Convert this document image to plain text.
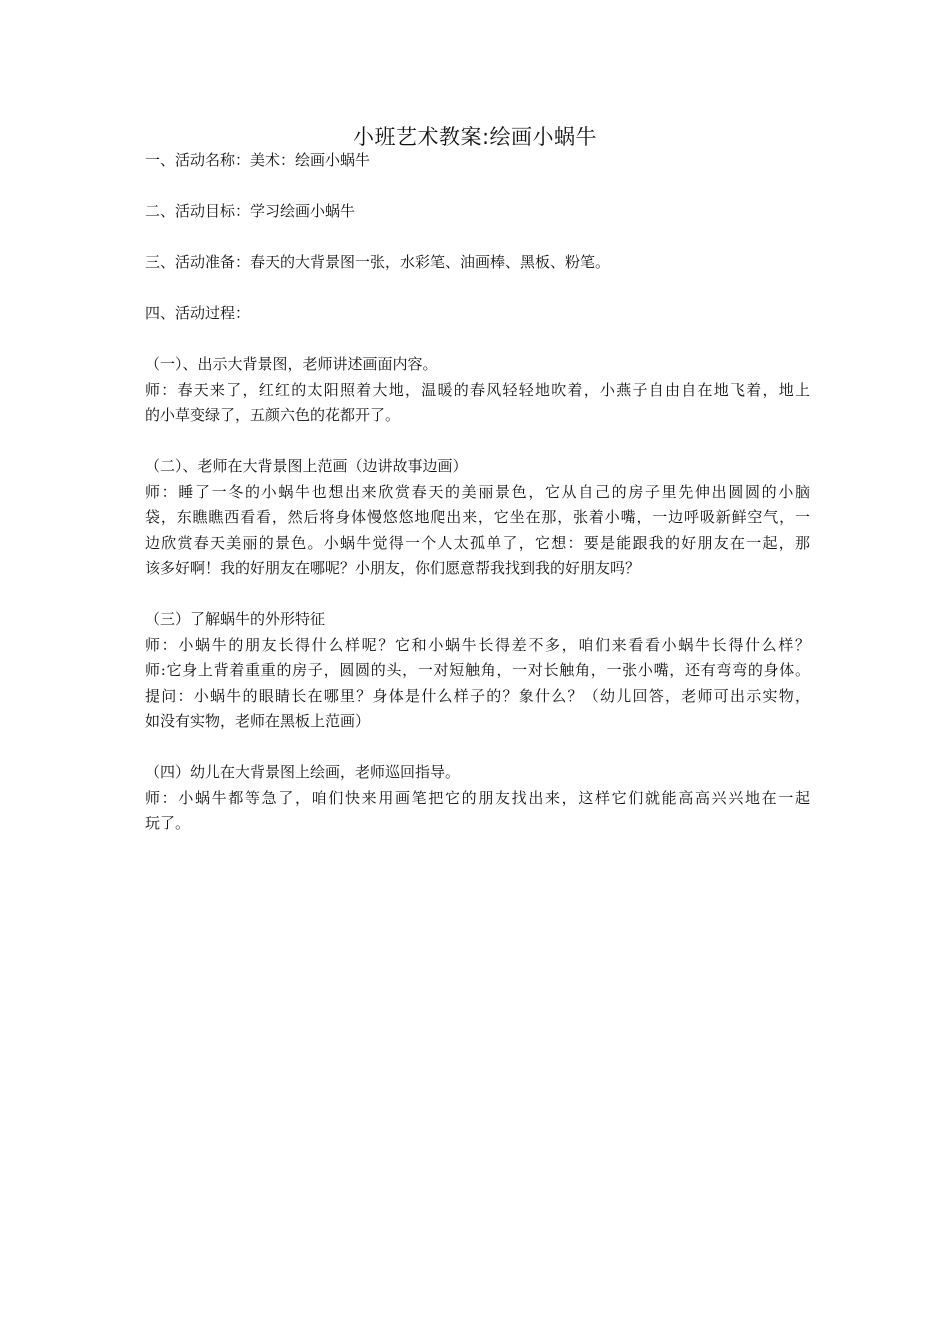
小班艺术教案:绘画小蜗牛

一、活动名称：美术：绘画小蜗牛

二、活动目标：学习绘画小蜗牛

三、活动准备：春天的大背景图一张，水彩笔、油画棒、黑板、粉笔。

四、活动过程：

（一）、出示大背景图，老师讲述画面内容。

师：春天来了，红红的太阳照着大地，温暖的春风轻轻地吹着，小燕子自由自在地飞着，地上

的小草变绿了，五颜六色的花都开了。

（二）、老师在大背景图上范画（边讲故事边画）

师：睡了一冬的小蜗牛也想出来欣赏春天的美丽景色，它从自己的房子里先伸出圆圆的小脑

袋，东瞧瞧西看看，然后将身体慢悠悠地爬出来，它坐在那，张着小嘴，一边呼吸新鲜空气，一

边欣赏春天美丽的景色。小蜗牛觉得一个人太孤单了，它想：要是能跟我的好朋友在一起，那

该多好啊！我的好朋友在哪呢？小朋友，你们愿意帮我找到我的好朋友吗？

（三）了解蜗牛的外形特征

师：小蜗牛的朋友长得什么样呢？它和小蜗牛长得差不多，咱们来看看小蜗牛长得什么样？

师:它身上背着重重的房子，圆圆的头，一对短触角，一对长触角，一张小嘴，还有弯弯的身体。

提问：小蜗牛的眼睛长在哪里？身体是什么样子的？象什么？（幼儿回答，老师可出示实物，

如没有实物，老师在黑板上范画）

（四）幼儿在大背景图上绘画，老师巡回指导。

师：小蜗牛都等急了，咱们快来用画笔把它的朋友找出来，这样它们就能高高兴兴地在一起

玩了。
